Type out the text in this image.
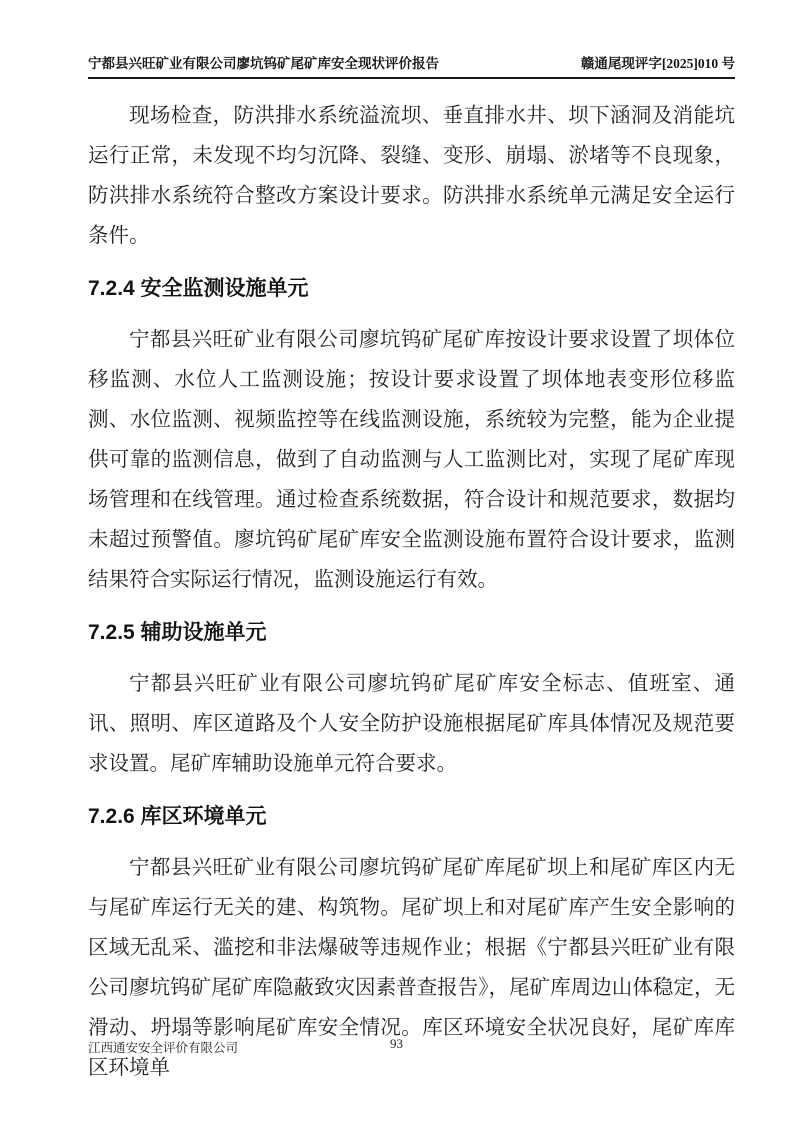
宁都县兴旺矿业有限公司廖坑钨矿尾矿库安全现状评价报告	赣通尾现评字[2025]010 号

现场检查，防洪排水系统溢流坝、垂直排水井、坝下涵洞及消能坑运行正常，未发现不均匀沉降、裂缝、变形、崩塌、淤堵等不良现象，防洪排水系统符合整改方案设计要求。防洪排水系统单元满足安全运行条件。

7.2.4 安全监测设施单元

宁都县兴旺矿业有限公司廖坑钨矿尾矿库按设计要求设置了坝体位移监测、水位人工监测设施；按设计要求设置了坝体地表变形位移监测、水位监测、视频监控等在线监测设施，系统较为完整，能为企业提供可靠的监测信息，做到了自动监测与人工监测比对，实现了尾矿库现场管理和在线管理。通过检查系统数据，符合设计和规范要求，数据均未超过预警值。廖坑钨矿尾矿库安全监测设施布置符合设计要求，监测结果符合实际运行情况，监测设施运行有效。

7.2.5 辅助设施单元

宁都县兴旺矿业有限公司廖坑钨矿尾矿库安全标志、值班室、通讯、照明、库区道路及个人安全防护设施根据尾矿库具体情况及规范要求设置。尾矿库辅助设施单元符合要求。

7.2.6 库区环境单元

宁都县兴旺矿业有限公司廖坑钨矿尾矿库尾矿坝上和尾矿库区内无与尾矿库运行无关的建、构筑物。尾矿坝上和对尾矿库产生安全影响的区域无乱采、滥挖和非法爆破等违规作业；根据《宁都县兴旺矿业有限公司廖坑钨矿尾矿库隐蔽致灾因素普查报告》，尾矿库周边山体稳定，无滑动、坍塌等影响尾矿库安全情况。库区环境安全状况良好，尾矿库库区环境单

江西通安安全评价有限公司	93
